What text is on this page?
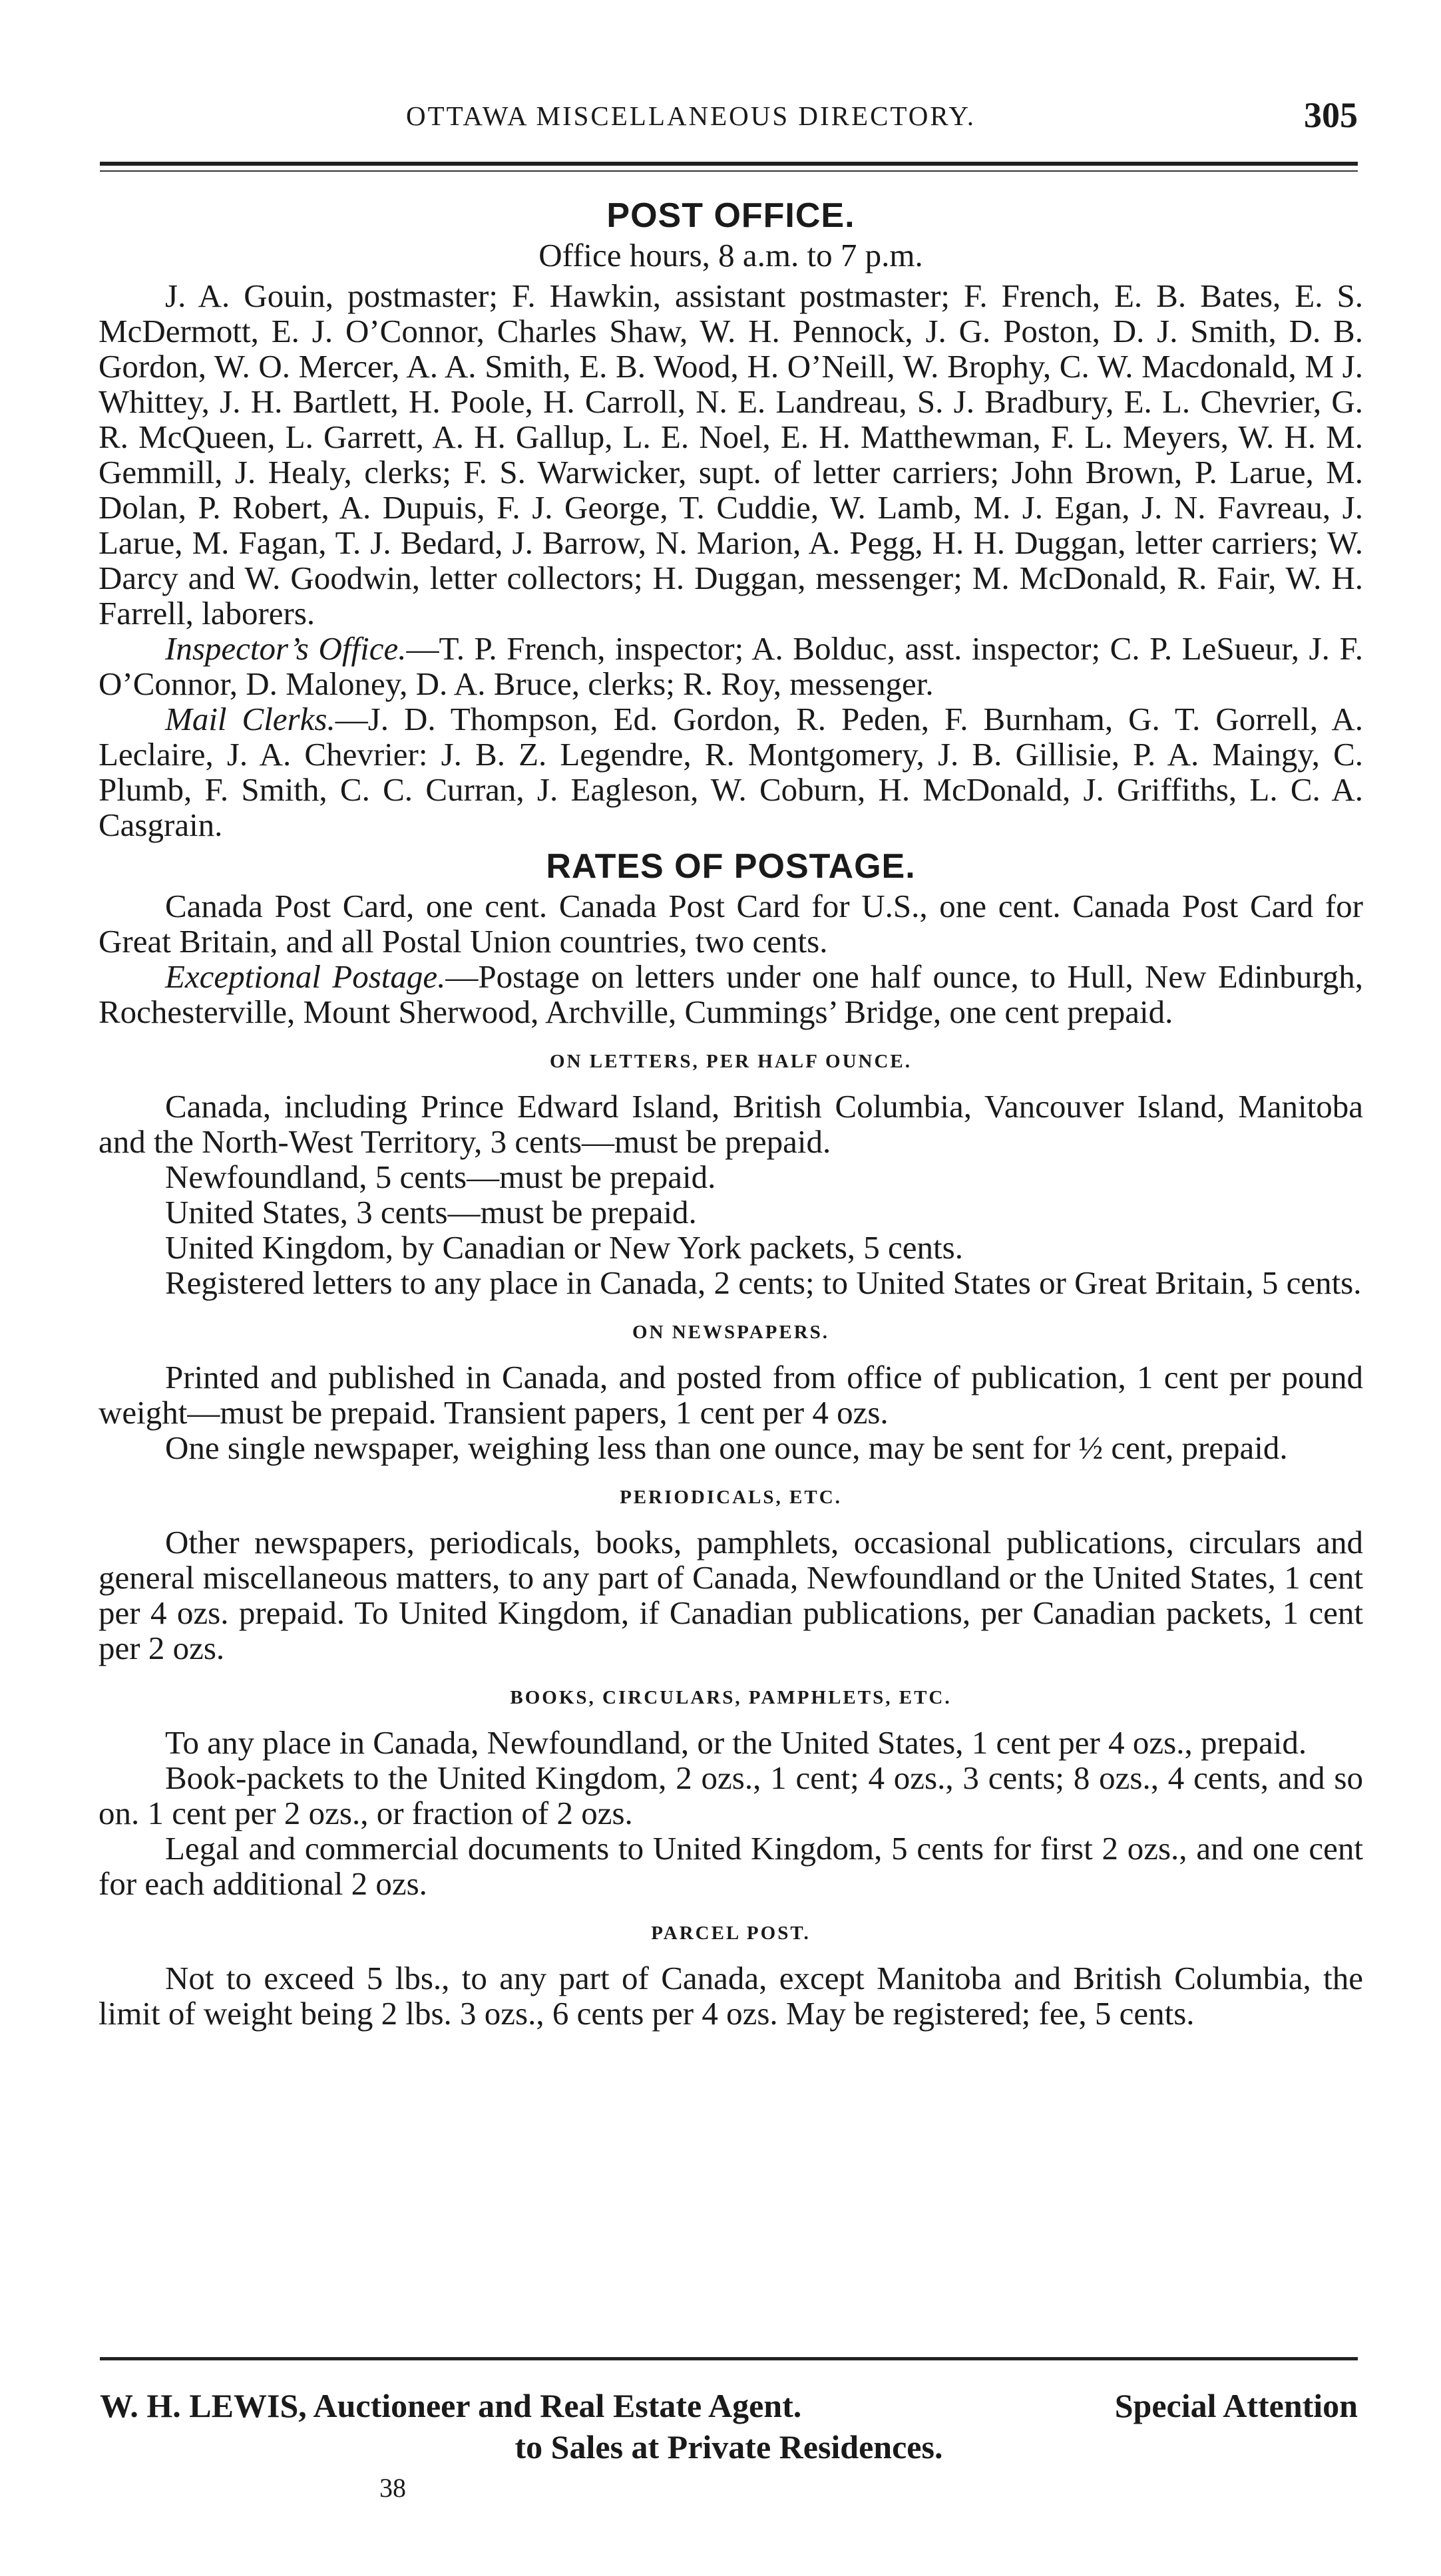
OTTAWA MISCELLANEOUS DIRECTORY.	305
POST OFFICE.
Office hours, 8 a.m. to 7 p.m.

J. A. Gouin, postmaster; F. Hawkin, assistant postmaster; F. French, E. B. Bates, E. S. McDermott, E. J. O’Connor, Charles Shaw, W. H. Pennock, J. G. Poston, D. J. Smith, D. B. Gordon, W. O. Mercer, A. A. Smith, E. B. Wood, H. O’Neill, W. Brophy, C. W. Macdonald, M J. Whittey, J. H. Bartlett, H. Poole, H. Carroll, N. E. Landreau, S. J. Bradbury, E. L. Chevrier, G. R. McQueen, L. Garrett, A. H. Gallup, L. E. Noel, E. H. Matthewman, F. L. Meyers, W. H. M. Gemmill, J. Healy, clerks; F. S. Warwicker, supt. of letter carriers; John Brown, P. Larue, M. Dolan, P. Robert, A. Dupuis, F. J. George, T. Cuddie, W. Lamb, M. J. Egan, J. N. Favreau, J. Larue, M. Fagan, T. J. Bedard, J. Barrow, N. Marion, A. Pegg, H. H. Duggan, letter carriers; W. Darcy and W. Goodwin, letter collectors; H. Duggan, messenger; M. McDonald, R. Fair, W. H. Farrell, laborers.

Inspector’s Office.—T. P. French, inspector; A. Bolduc, asst. inspector; C. P. LeSueur, J. F. O’Connor, D. Maloney, D. A. Bruce, clerks; R. Roy, messenger.

Mail Clerks.—J. D. Thompson, Ed. Gordon, R. Peden, F. Burnham, G. T. Gorrell, A. Leclaire, J. A. Chevrier: J. B. Z. Legendre, R. Montgomery, J. B. Gillisie, P. A. Maingy, C. Plumb, F. Smith, C. C. Curran, J. Eagleson, W. Coburn, H. McDonald, J. Griffiths, L. C. A. Casgrain.

RATES OF POSTAGE.

Canada Post Card, one cent. Canada Post Card for U.S., one cent. Canada Post Card for Great Britain, and all Postal Union countries, two cents.

Exceptional Postage.—Postage on letters under one half ounce, to Hull, New Edinburgh, Rochesterville, Mount Sherwood, Archville, Cummings’ Bridge, one cent prepaid.

ON LETTERS, PER HALF OUNCE.

Canada, including Prince Edward Island, British Columbia, Vancouver Island, Manitoba and the North-West Territory, 3 cents—must be prepaid.

Newfoundland, 5 cents—must be prepaid.

United States, 3 cents—must be prepaid.

United Kingdom, by Canadian or New York packets, 5 cents.

Registered letters to any place in Canada, 2 cents; to United States or Great Britain, 5 cents.

ON NEWSPAPERS.

Printed and published in Canada, and posted from office of publication, 1 cent per pound weight—must be prepaid. Transient papers, 1 cent per 4 ozs.

One single newspaper, weighing less than one ounce, may be sent for ½ cent, prepaid.

PERIODICALS, ETC.

Other newspapers, periodicals, books, pamphlets, occasional publications, circulars and general miscellaneous matters, to any part of Canada, Newfoundland or the United States, 1 cent per 4 ozs. prepaid. To United Kingdom, if Canadian publications, per Canadian packets, 1 cent per 2 ozs.

BOOKS, CIRCULARS, PAMPHLETS, ETC.

To any place in Canada, Newfoundland, or the United States, 1 cent per 4 ozs., prepaid.

Book-packets to the United Kingdom, 2 ozs., 1 cent; 4 ozs., 3 cents; 8 ozs., 4 cents, and so on. 1 cent per 2 ozs., or fraction of 2 ozs.

Legal and commercial documents to United Kingdom, 5 cents for first 2 ozs., and one cent for each additional 2 ozs.

PARCEL POST.

Not to exceed 5 lbs., to any part of Canada, except Manitoba and British Columbia, the limit of weight being 2 lbs. 3 ozs., 6 cents per 4 ozs. May be registered; fee, 5 cents.

W. H. LEWIS, Auctioneer and Real Estate Agent.	Special Attention
to Sales at Private Residences.
38
